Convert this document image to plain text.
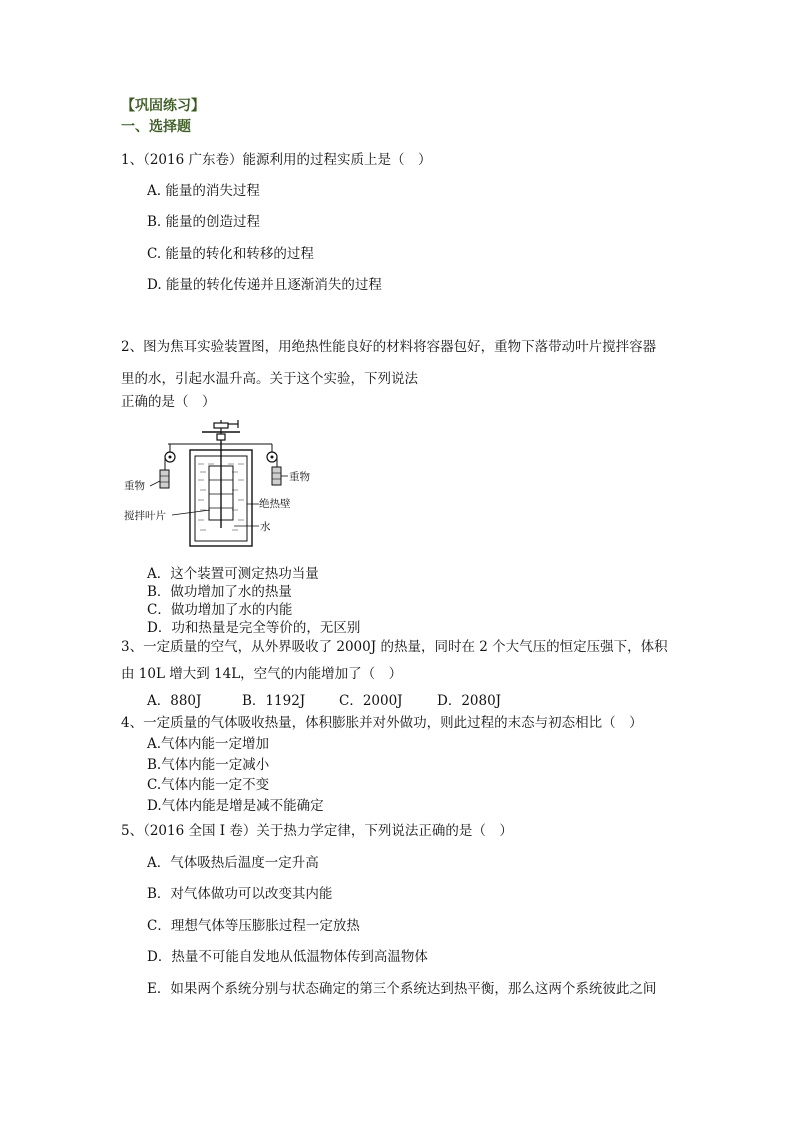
【巩固练习】
一、选择题
1、（2016 广东卷）能源利用的过程实质上是（　）
A. 能量的消失过程
B. 能量的创造过程
C. 能量的转化和转移的过程
D. 能量的转化传递并且逐渐消失的过程
2、图为焦耳实验装置图，用绝热性能良好的材料将容器包好，重物下落带动叶片搅拌容器
里的水，引起水温升高。关于这个实验，下列说法
正确的是（　）
重物
重物
绝热壁
搅拌叶片
水
A．这个装置可测定热功当量
B．做功增加了水的热量
C．做功增加了水的内能
D．功和热量是完全等价的，无区别
3、一定质量的空气，从外界吸收了 2000J 的热量，同时在 2 个大气压的恒定压强下，体积
由 10L 增大到 14L，空气的内能增加了（　）
A．880J	B．1192J	C．2000J	D．2080J
4、一定质量的气体吸收热量，体积膨胀并对外做功，则此过程的末态与初态相比（　）
A.气体内能一定增加
B.气体内能一定减小
C.气体内能一定不变
D.气体内能是增是减不能确定
5、（2016 全国 I 卷）关于热力学定律，下列说法正确的是（　）
A．气体吸热后温度一定升高
B．对气体做功可以改变其内能
C．理想气体等压膨胀过程一定放热
D．热量不可能自发地从低温物体传到高温物体
E．如果两个系统分别与状态确定的第三个系统达到热平衡，那么这两个系统彼此之间
